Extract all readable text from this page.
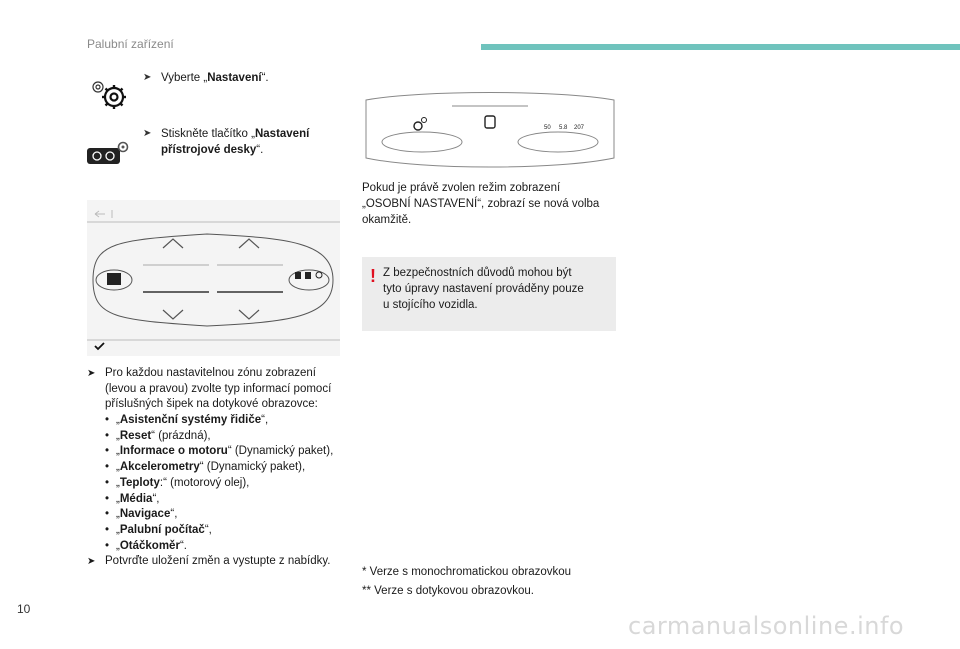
Palubní zařízení
➤ Vyberte „Nastavení“.
➤ Stiskněte tlačítko „Nastavení
přístrojové desky“.
50 5.8 207
Pokud je právě zvolen režim zobrazení
„OSOBNÍ NASTAVENÍ“, zobrazí se nová volba
okamžitě.
! Z bezpečnostních důvodů mohou být
tyto úpravy nastavení prováděny pouze
u stojícího vozidla.
➤ Pro každou nastavitelnou zónu zobrazení
(levou a pravou) zvolte typ informací pomocí
příslušných šipek na dotykové obrazovce:
• „Asistenční systémy řidiče“,
• „Reset“ (prázdná),
• „Informace o motoru“ (Dynamický paket),
• „Akcelerometry“ (Dynamický paket),
• „Teploty:“ (motorový olej),
• „Média“,
• „Navigace“,
• „Palubní počítač“,
• „Otáčkoměr“.
➤ Potvrďte uložení změn a vystupte z nabídky.
* Verze s monochromatickou obrazovkou
** Verze s dotykovou obrazovkou.
10
carmanualsonline.info
